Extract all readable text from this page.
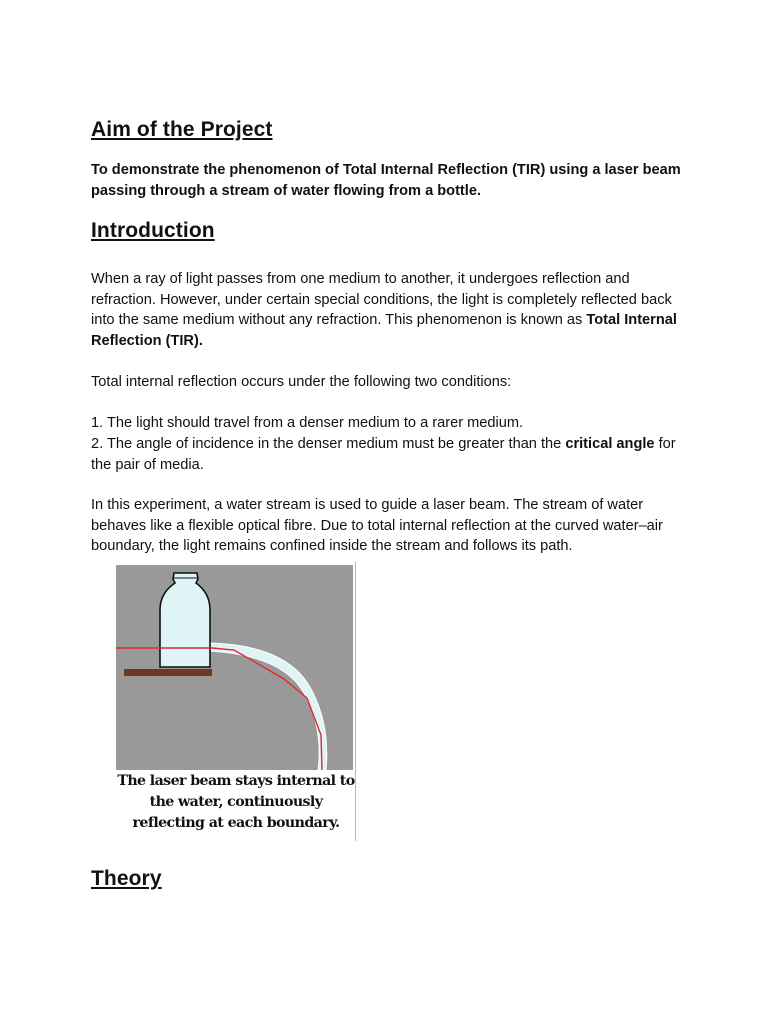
Aim of the Project

To demonstrate the phenomenon of Total Internal Reflection (TIR) using a laser beam passing through a stream of water flowing from a bottle.

Introduction

When a ray of light passes from one medium to another, it undergoes reflection and refraction. However, under certain special conditions, the light is completely reflected back into the same medium without any refraction. This phenomenon is known as Total Internal Reflection (TIR).

Total internal reflection occurs under the following two conditions:

1. The light should travel from a denser medium to a rarer medium.

2. The angle of incidence in the denser medium must be greater than the critical angle for the pair of media.

In this experiment, a water stream is used to guide a laser beam. The stream of water behaves like a flexible optical fibre. Due to total internal reflection at the curved water–air boundary, the light remains confined inside the stream and follows its path.

The laser beam stays internal to
the water, continuously
reflecting at each boundary.
Theory
